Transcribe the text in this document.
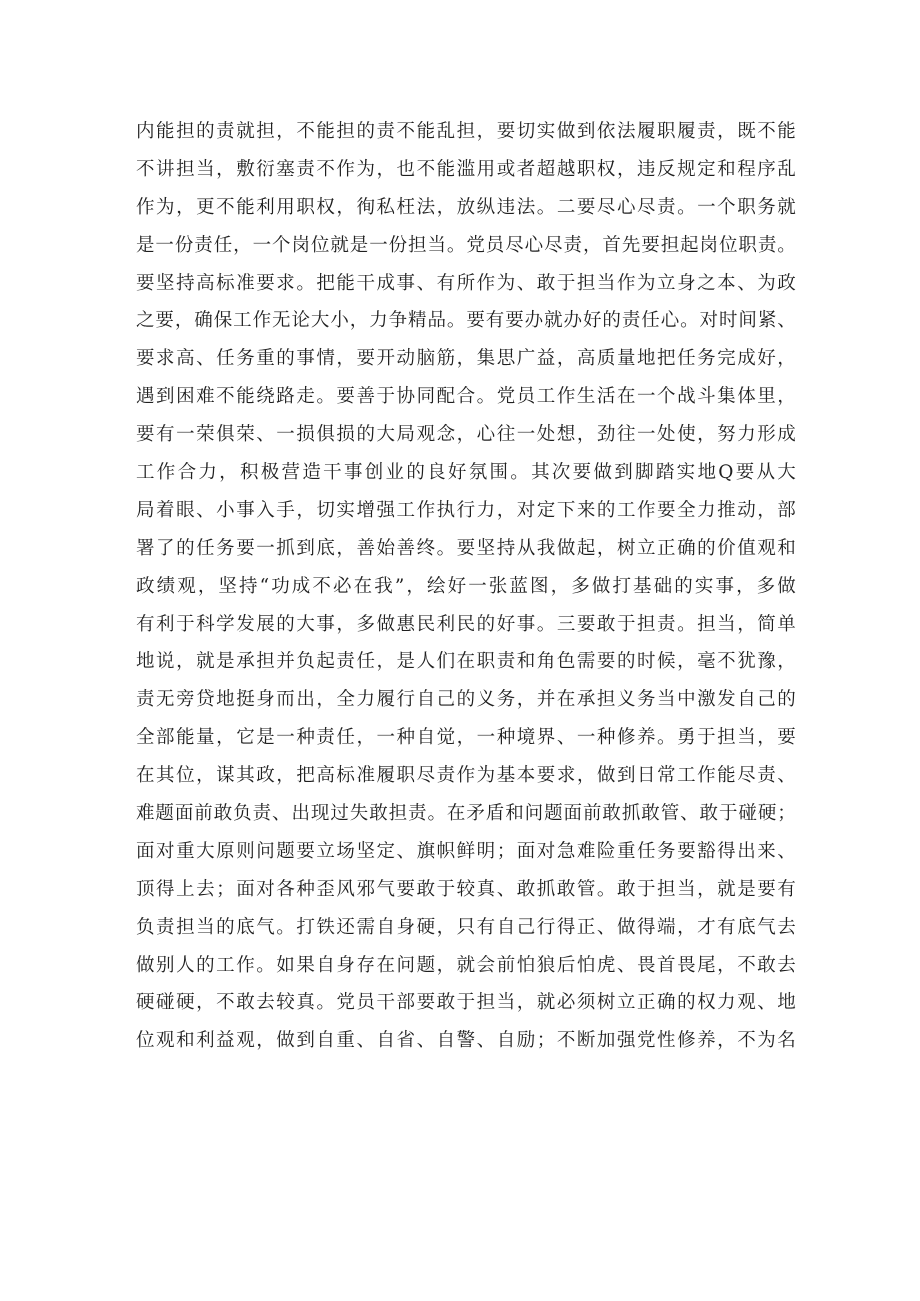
内能担的责就担，不能担的责不能乱担，要切实做到依法履职履责，既不能
不讲担当，敷衍塞责不作为，也不能滥用或者超越职权，违反规定和程序乱
作为，更不能利用职权，徇私枉法，放纵违法。二要尽心尽责。一个职务就
是一份责任，一个岗位就是一份担当。党员尽心尽责，首先要担起岗位职责。
要坚持高标准要求。把能干成事、有所作为、敢于担当作为立身之本、为政
之要，确保工作无论大小，力争精品。要有要办就办好的责任心。对时间紧、
要求高、任务重的事情，要开动脑筋，集思广益，高质量地把任务完成好，
遇到困难不能绕路走。要善于协同配合。党员工作生活在一个战斗集体里，
要有一荣俱荣、一损俱损的大局观念，心往一处想，劲往一处使，努力形成
工作合力，积极营造干事创业的良好氛围。其次要做到脚踏实地Q要从大
局着眼、小事入手，切实增强工作执行力，对定下来的工作要全力推动，部
署了的任务要一抓到底，善始善终。要坚持从我做起，树立正确的价值观和
政绩观，坚持“功成不必在我”，绘好一张蓝图，多做打基础的实事，多做
有利于科学发展的大事，多做惠民利民的好事。三要敢于担责。担当，简单
地说，就是承担并负起责任，是人们在职责和角色需要的时候，毫不犹豫，
责无旁贷地挺身而出，全力履行自己的义务，并在承担义务当中激发自己的
全部能量，它是一种责任，一种自觉，一种境界、一种修养。勇于担当，要
在其位，谋其政，把高标准履职尽责作为基本要求，做到日常工作能尽责、
难题面前敢负责、出现过失敢担责。在矛盾和问题面前敢抓敢管、敢于碰硬；
面对重大原则问题要立场坚定、旗帜鲜明；面对急难险重任务要豁得出来、
顶得上去；面对各种歪风邪气要敢于较真、敢抓敢管。敢于担当，就是要有
负责担当的底气。打铁还需自身硬，只有自己行得正、做得端，才有底气去
做别人的工作。如果自身存在问题，就会前怕狼后怕虎、畏首畏尾，不敢去
硬碰硬，不敢去较真。党员干部要敢于担当，就必须树立正确的权力观、地
位观和利益观，做到自重、自省、自警、自励；不断加强党性修养，不为名
